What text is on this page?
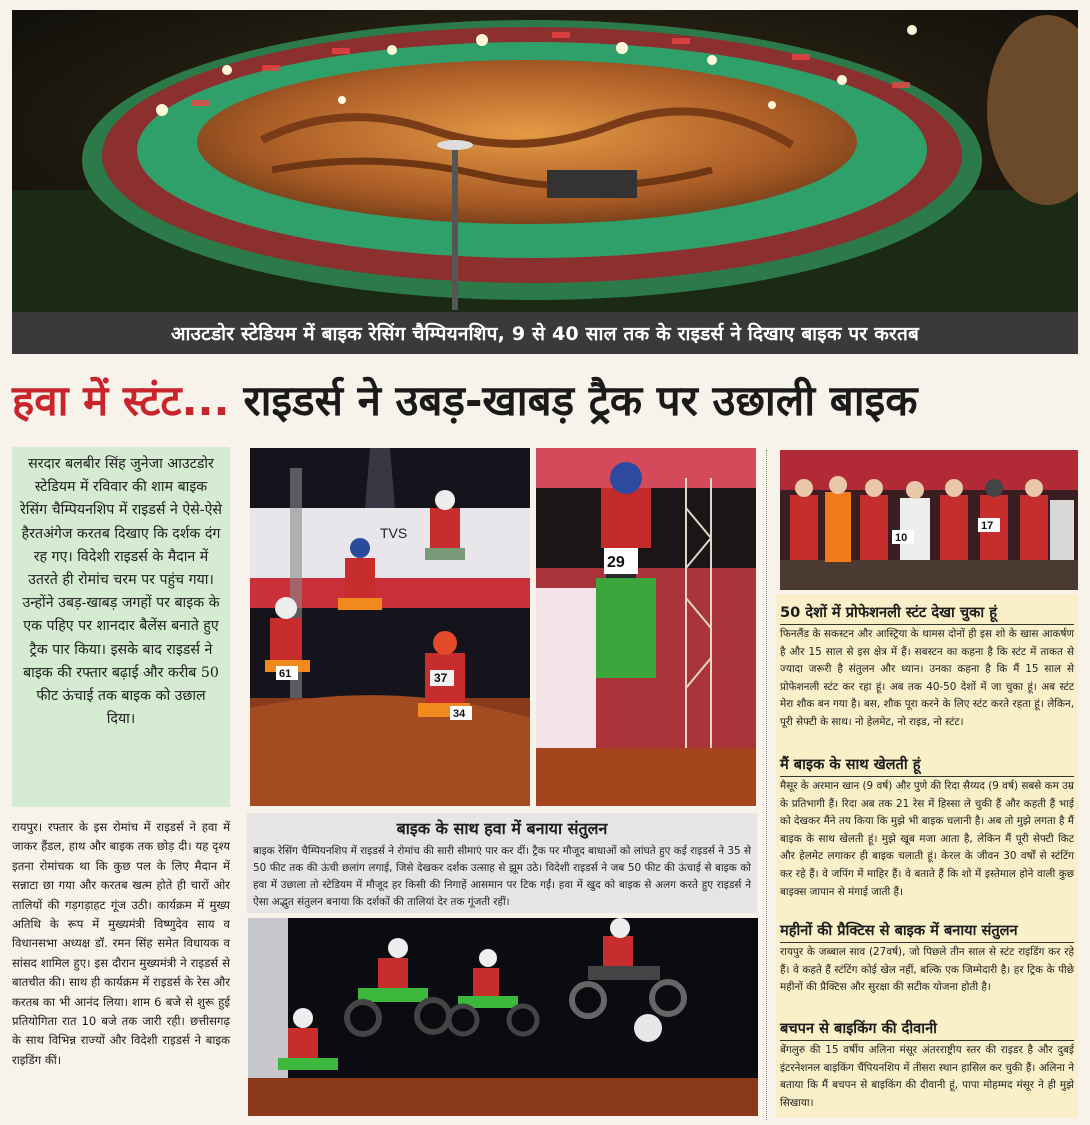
आउटडोर स्टेडियम में बाइक रेसिंग चैम्पियनशिप, 9 से 40 साल तक के राइडर्स ने दिखाए बाइक पर करतब
हवा में स्टंट... राइडर्स ने उबड़-खाबड़ ट्रैक पर उछाली बाइक
सरदार बलबीर सिंह जुनेजा आउटडोर स्टेडियम में रविवार की शाम बाइक रेसिंग चैम्पियनशिप में राइडर्स ने ऐसे-ऐसे हैरतअंगेज करतब दिखाए कि दर्शक दंग रह गए। विदेशी राइडर्स के मैदान में उतरते ही रोमांच चरम पर पहुंच गया। उन्होंने उबड़-खाबड़ जगहों पर बाइक के एक पहिए पर शानदार बैलेंस बनाते हुए ट्रैक पार किया। इसके बाद राइडर्स ने बाइक की रफ्तार बढ़ाई और करीब 50 फीट ऊंचाई तक बाइक को उछाल दिया।
रायपुर। रफ्तार के इस रोमांच में राइडर्स ने हवा में जाकर हैंडल, हाथ और बाइक तक छोड़ दी। यह दृश्य इतना रोमांचक था कि कुछ पल के लिए मैदान में सन्नाटा छा गया और करतब खत्म होते ही चारों ओर तालियों की गड़गड़ाहट गूंज उठी। कार्यक्रम में मुख्य अतिथि के रूप में मुख्यमंत्री विष्णुदेव साय व विधानसभा अध्यक्ष डॉ. रमन सिंह समेत विधायक व सांसद शामिल हुए। इस दौरान मुख्यमंत्री ने राइडर्स से बातचीत की। साथ ही कार्यक्रम में राइडर्स के रेस और करतब का भी आनंद लिया। शाम 6 बजे से शुरू हुई प्रतियोगिता रात 10 बजे तक जारी रही। छत्तीसगढ़ के साथ विभिन्न राज्यों और विदेशी राइडर्स ने बाइक राइडिंग कीं।
TVS
61	37
34
29
10
17
बाइक के साथ हवा में बनाया संतुलन
बाइक रेसिंग चैम्पियनशिप में राइडर्स ने रोमांच की सारी सीमाएं पार कर दीं। ट्रैक पर मौजूद बाधाओं को लांघते हुए कई राइडर्स ने 35 से 50 फीट तक की ऊंची छलांग लगाई, जिसे देखकर दर्शक उत्साह से झूम उठे। विदेशी राइडर्स ने जब 50 फीट की ऊंचाई से बाइक को हवा में उछाला तो स्टेडियम में मौजूद हर किसी की निगाहें आसमान पर टिक गईं। हवा में खुद को बाइक से अलग करते हुए राइडर्स ने ऐसा अद्भुत संतुलन बनाया कि दर्शकों की तालियां देर तक गूंजती रहीं।
50 देशों में प्रोफेशनली स्टंट देखा चुका हूं
फिनलैंड के सकस्टन और आस्ट्रिया के थामस दोनों ही इस शो के खास आकर्षण है और 15 साल से इस क्षेत्र में हैं। सबस्टन का कहना है कि स्टंट में ताकत से ज्यादा जरूरी है संतुलन और ध्यान। उनका कहना है कि मैं 15 साल से प्रोफेशनली स्टंट कर रहा हूं। अब तक 40-50 देशों में जा चुका हूं। अब स्टंट मेरा शौक बन गया है। बस, शौक पूरा करने के लिए स्टंट करते रहता हूं। लेकिन, पूरी सेफ्टी के साथ। नो हेलमेट, नो राइड, नो स्टंट।
मैं बाइक के साथ खेलती हूं
मैसूर के अरमान खान (9 वर्ष) और पुणे की रिदा सैय्यद (9 वर्ष) सबसे कम उम्र के प्रतिभागी हैं। रिदा अब तक 21 रेस में हिस्सा ले चुकी हैं और कहती हैं भाई को देखकर मैंने तय किया कि मुझे भी बाइक चलानी है। अब तो मुझे लगता है मैं बाइक के साथ खेलती हूं। मुझे खूब मजा आता है, लेकिन मैं पूरी सेफ्टी किट और हेलमेट लगाकर ही बाइक चलाती हूं। केरल के जीवन 30 वर्षों से स्टंटिंग कर रहे हैं। वे जपिंग में माहिर हैं। वे बताते हैं कि शो में इस्तेमाल होने वाली कुछ बाइक्स जापान से मंगाई जाती हैं।
महीनों की प्रैक्टिस से बाइक में बनाया संतुलन
रायपुर के जब्बाल साव (27वर्ष), जो पिछले तीन साल से स्टंट राइडिंग कर रहे हैं। वे कहते हैं स्टंटिंग कोई खेल नहीं, बल्कि एक जिम्मेदारी है। हर ट्रिक के पीछे महीनों की प्रैक्टिस और सुरक्षा की सटीक योजना होती है।
बचपन से बाइकिंग की दीवानी
बेंगलुरु की 15 वर्षीय अलिना मंसूर अंतरराष्ट्रीय स्तर की राइडर है और दुबई इंटरनेशनल बाइकिंग चैंपियनशिप में तीसरा स्थान हासिल कर चुकी हैं। अलिना ने बताया कि मैं बचपन से बाइकिंग की दीवानी हूं, पापा मोहम्मद मंसूर ने ही मुझे सिखाया।
